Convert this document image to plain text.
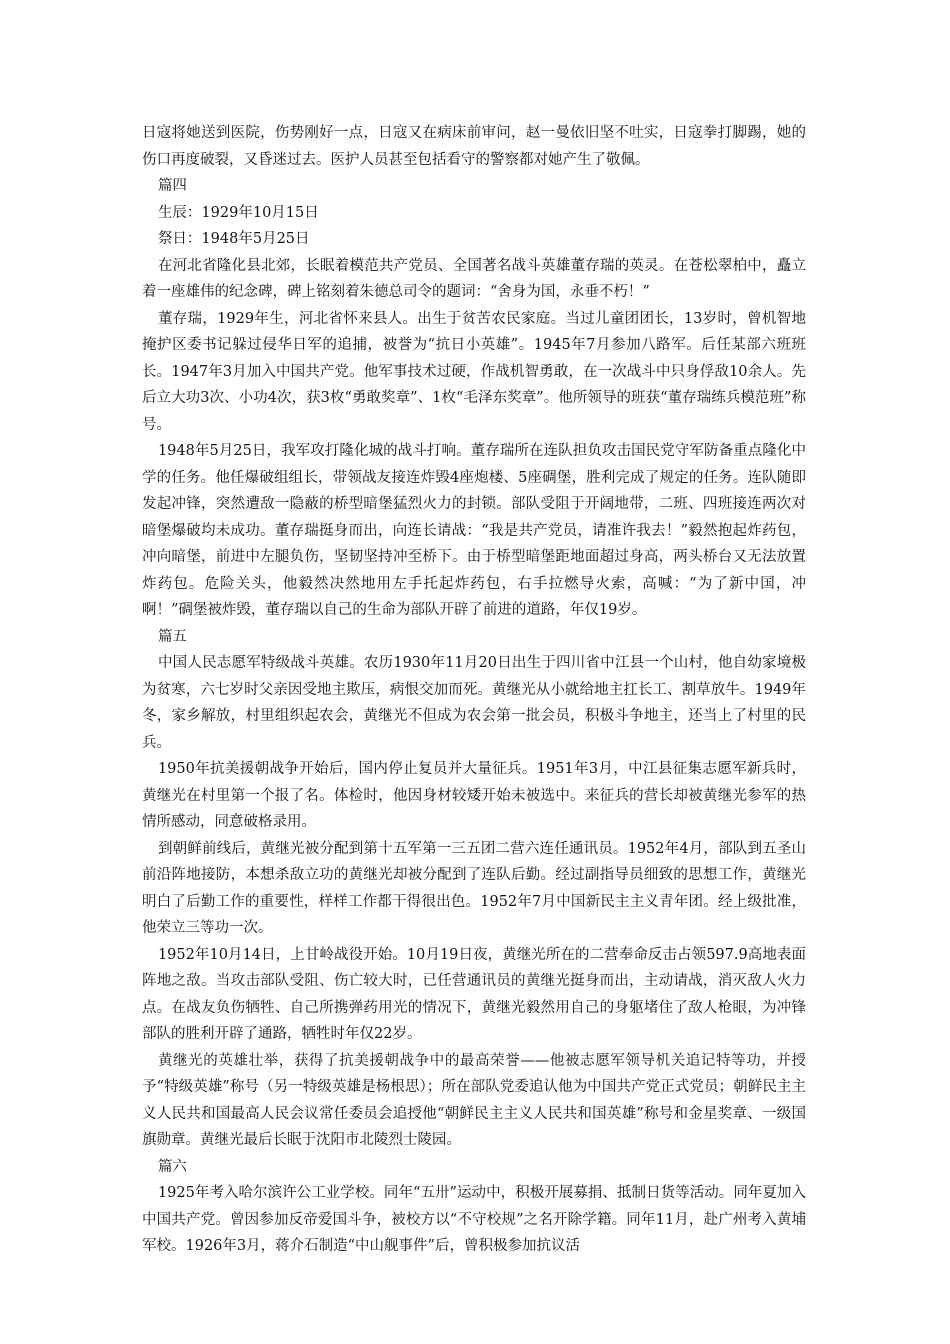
日寇将她送到医院，伤势刚好一点，日寇又在病床前审问，赵一曼依旧坚不吐实，日寇拳打脚踢，她的伤口再度破裂，又昏迷过去。医护人员甚至包括看守的警察都对她产生了敬佩。

篇四

生辰：1929年10月15日

祭日：1948年5月25日

在河北省隆化县北郊，长眠着模范共产党员、全国著名战斗英雄董存瑞的英灵。在苍松翠柏中，矗立着一座雄伟的纪念碑，碑上铭刻着朱德总司令的题词：“舍身为国，永垂不朽！”

董存瑞，1929年生，河北省怀来县人。出生于贫苦农民家庭。当过儿童团团长，13岁时，曾机智地掩护区委书记躲过侵华日军的追捕，被誉为“抗日小英雄”。1945年7月参加八路军。后任某部六班班长。1947年3月加入中国共产党。他军事技术过硬，作战机智勇敢，在一次战斗中只身俘敌10余人。先后立大功3次、小功4次，获3枚“勇敢奖章”、1枚“毛泽东奖章”。他所领导的班获“董存瑞练兵模范班”称号。

1948年5月25日，我军攻打隆化城的战斗打响。董存瑞所在连队担负攻击国民党守军防备重点隆化中学的任务。他任爆破组组长，带领战友接连炸毁4座炮楼、5座碉堡，胜利完成了规定的任务。连队随即发起冲锋，突然遭敌一隐蔽的桥型暗堡猛烈火力的封锁。部队受阻于开阔地带，二班、四班接连两次对暗堡爆破均未成功。董存瑞挺身而出，向连长请战：“我是共产党员，请准许我去！”毅然抱起炸药包，冲向暗堡，前进中左腿负伤，坚韧坚持冲至桥下。由于桥型暗堡距地面超过身高，两头桥台又无法放置炸药包。危险关头，他毅然决然地用左手托起炸药包，右手拉燃导火索，高喊：“为了新中国，冲啊！”碉堡被炸毁，董存瑞以自己的生命为部队开辟了前进的道路，年仅19岁。

篇五

中国人民志愿军特级战斗英雄。农历1930年11月20日出生于四川省中江县一个山村，他自幼家境极为贫寒，六七岁时父亲因受地主欺压，病恨交加而死。黄继光从小就给地主扛长工、割草放牛。1949年冬，家乡解放，村里组织起农会，黄继光不但成为农会第一批会员，积极斗争地主，还当上了村里的民兵。

1950年抗美援朝战争开始后，国内停止复员并大量征兵。1951年3月，中江县征集志愿军新兵时，黄继光在村里第一个报了名。体检时，他因身材较矮开始未被选中。来征兵的营长却被黄继光参军的热情所感动，同意破格录用。

到朝鲜前线后，黄继光被分配到第十五军第一三五团二营六连任通讯员。1952年4月，部队到五圣山前沿阵地接防，本想杀敌立功的黄继光却被分配到了连队后勤。经过副指导员细致的思想工作，黄继光明白了后勤工作的重要性，样样工作都干得很出色。1952年7月中国新民主主义青年团。经上级批准，他荣立三等功一次。

1952年10月14日，上甘岭战役开始。10月19日夜，黄继光所在的二营奉命反击占领597.9高地表面阵地之敌。当攻击部队受阻、伤亡较大时，已任营通讯员的黄继光挺身而出，主动请战，消灭敌人火力点。在战友负伤牺牲、自己所携弹药用光的情况下，黄继光毅然用自己的身躯堵住了敌人枪眼，为冲锋部队的胜利开辟了通路，牺牲时年仅22岁。

黄继光的英雄壮举，获得了抗美援朝战争中的最高荣誉——他被志愿军领导机关追记特等功，并授予“特级英雄”称号（另一特级英雄是杨根思）；所在部队党委追认他为中国共产党正式党员；朝鲜民主主义人民共和国最高人民会议常任委员会追授他“朝鲜民主主义人民共和国英雄”称号和金星奖章、一级国旗勋章。黄继光最后长眠于沈阳市北陵烈士陵园。

篇六

1925年考入哈尔滨许公工业学校。同年“五卅”运动中，积极开展募捐、抵制日货等活动。同年夏加入中国共产党。曾因参加反帝爱国斗争，被校方以“不守校规”之名开除学籍。同年11月，赴广州考入黄埔军校。1926年3月，蒋介石制造“中山舰事件”后，曾积极参加抗议活
